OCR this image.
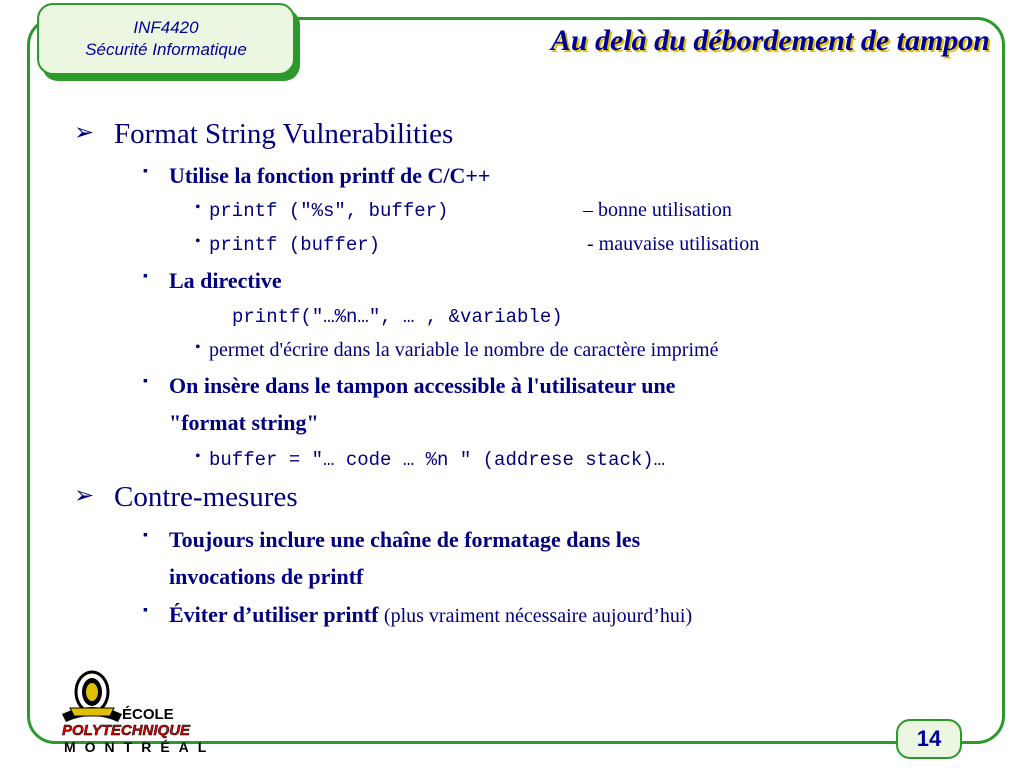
INF4420
Sécurité Informatique	Au delà du débordement de tampon
➢ Format String Vulnerabilities
▪ Utilise la fonction printf de C/C++
• printf ("%s", buffer)	– bonne utilisation
• printf (buffer)	- mauvaise utilisation
▪ La directive
printf("…%n…", … , &variable)
• permet d'écrire dans la variable le nombre de caractère imprimé
▪ On insère dans le tampon accessible à l'utilisateur une
"format string"
• buffer = "… code … %n " (addrese stack)…
➢ Contre-mesures
▪ Toujours inclure une chaîne de formatage dans les
invocations de printf
▪ Éviter d’utiliser printf (plus vraiment nécessaire aujourd’hui)
ÉCOLE
POLYTECHNIQUE
MONTRÉAL	14
